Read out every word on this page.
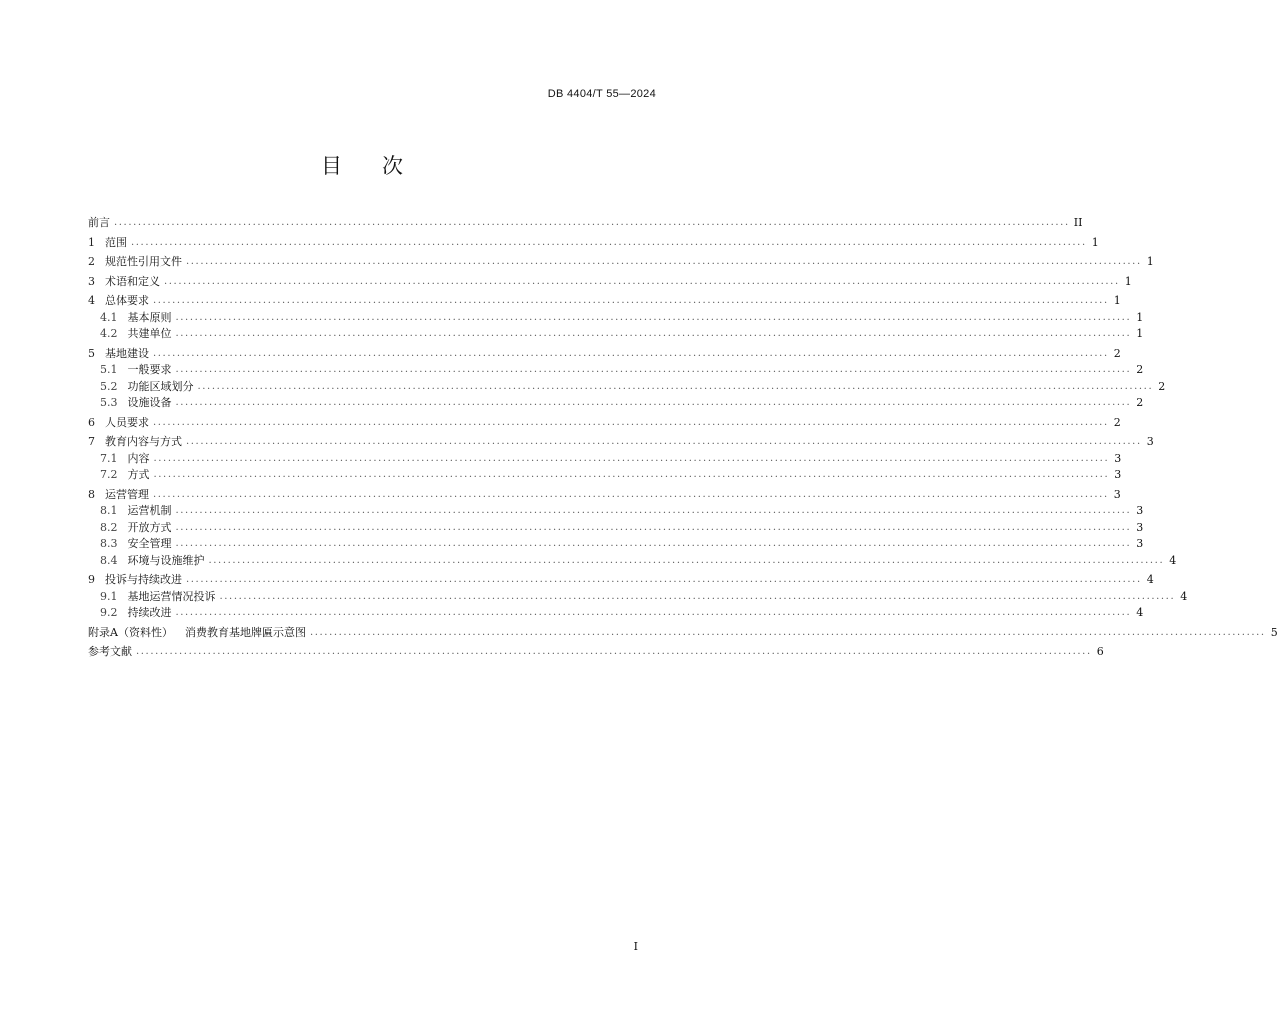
DB 4404/T 55—2024
目 次
前言 ........................................................................................................................................................................................................ II
1 范围 ........................................................................................................................................................................................................ 1
2 规范性引用文件 ........................................................................................................................................................................................................ 1
3 术语和定义 ........................................................................................................................................................................................................ 1
4 总体要求 ........................................................................................................................................................................................................ 1
4.1 基本原则 ........................................................................................................................................................................................................ 1
4.2 共建单位 ........................................................................................................................................................................................................ 1
5 基地建设 ........................................................................................................................................................................................................ 2
5.1 一般要求 ........................................................................................................................................................................................................ 2
5.2 功能区域划分 ........................................................................................................................................................................................................ 2
5.3 设施设备 ........................................................................................................................................................................................................ 2
6 人员要求 ........................................................................................................................................................................................................ 2
7 教育内容与方式 ........................................................................................................................................................................................................ 3
7.1 内容 ........................................................................................................................................................................................................ 3
7.2 方式 ........................................................................................................................................................................................................ 3
8 运营管理 ........................................................................................................................................................................................................ 3
8.1 运营机制 ........................................................................................................................................................................................................ 3
8.2 开放方式 ........................................................................................................................................................................................................ 3
8.3 安全管理 ........................................................................................................................................................................................................ 3
8.4 环境与设施维护 ........................................................................................................................................................................................................ 4
9 投诉与持续改进 ........................................................................................................................................................................................................ 4
9.1 基地运营情况投诉 ........................................................................................................................................................................................................ 4
9.2 持续改进 ........................................................................................................................................................................................................ 4
附录A（资料性） 消费教育基地牌匾示意图 ........................................................................................................................................................................................................ 5
参考文献 ........................................................................................................................................................................................................ 6
I
